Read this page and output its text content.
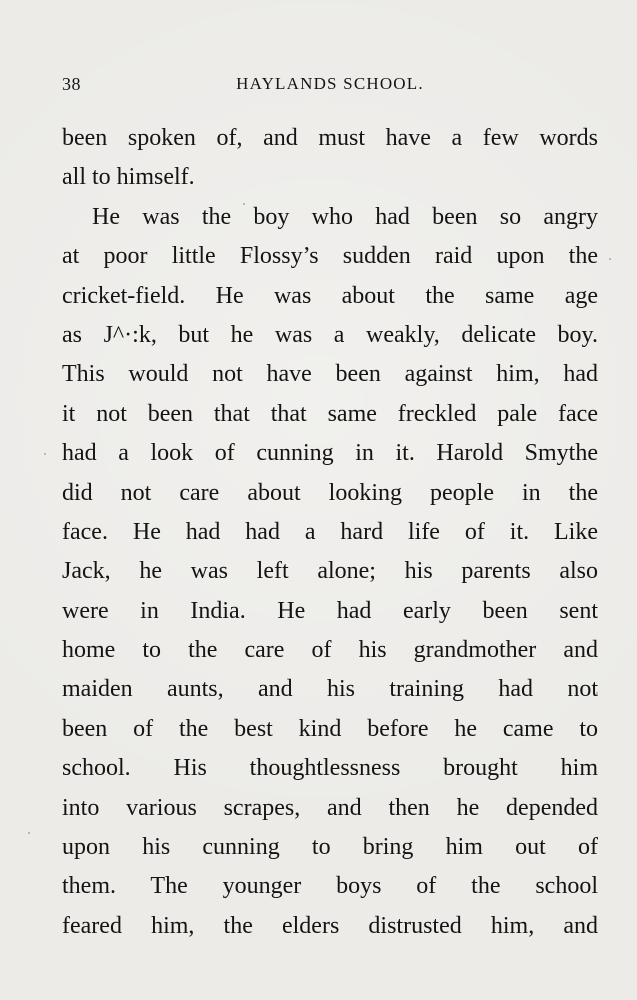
38	HAYLANDS SCHOOL.
been spoken of, and must have a few words
all to himself.
He was the boy who had been so angry
at poor little Flossy’s sudden raid upon the
cricket-field. He was about the same age
as J^·:k, but he was a weakly, delicate boy.
This would not have been against him, had
it not been that that same freckled pale face
had a look of cunning in it. Harold Smythe
did not care about looking people in the
face. He had had a hard life of it. Like
Jack, he was left alone; his parents also
were in India. He had early been sent
home to the care of his grandmother and
maiden aunts, and his training had not
been of the best kind before he came to
school. His thoughtlessness brought him
into various scrapes, and then he depended
upon his cunning to bring him out of
them. The younger boys of the school
feared him, the elders distrusted him, and
